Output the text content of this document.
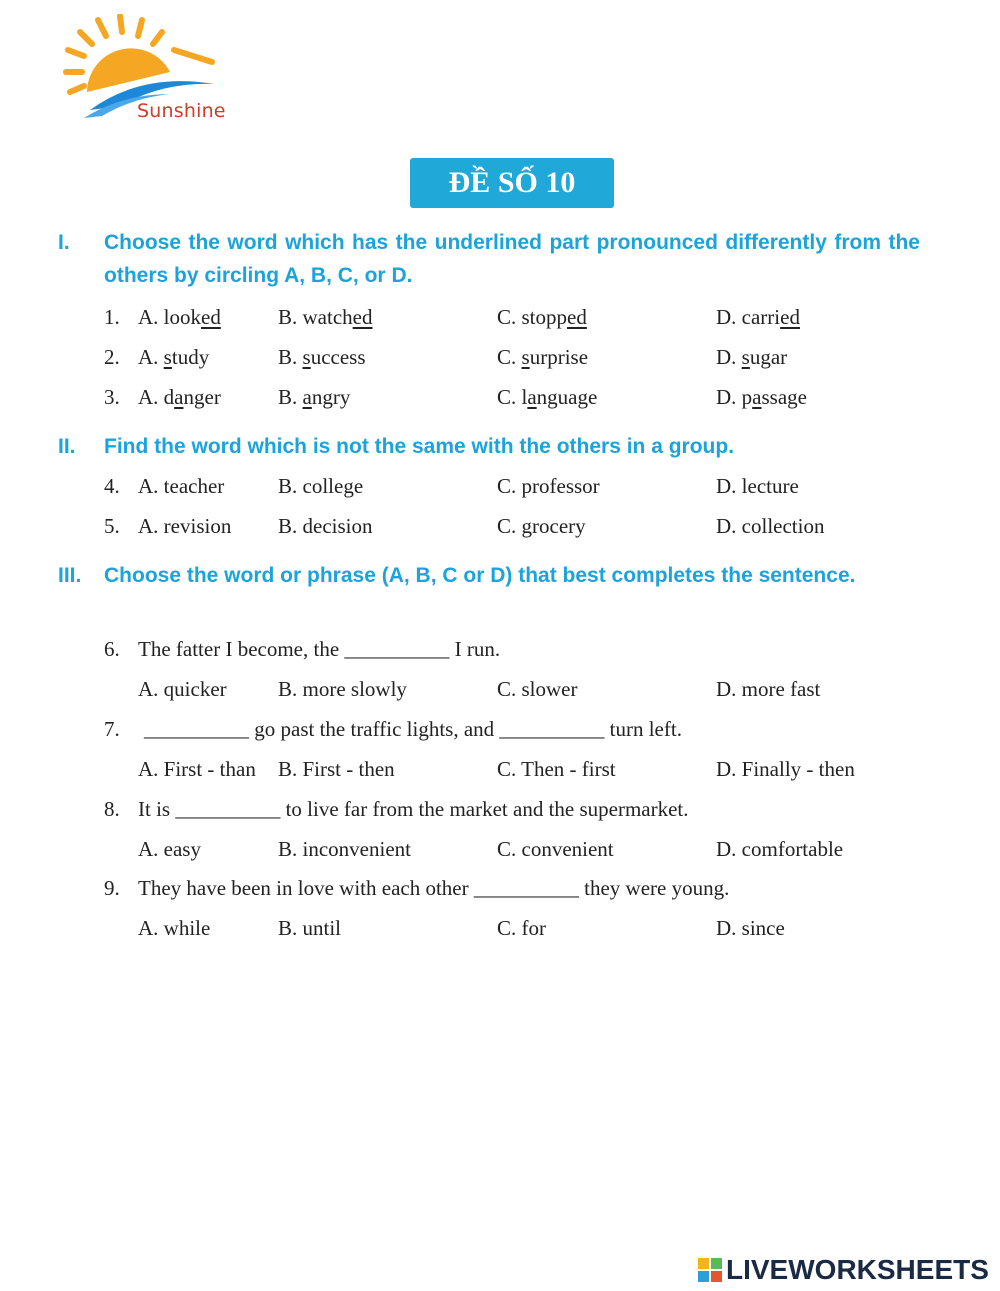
Sunshine
ĐỀ SỐ 10
I. Choose the word which has the underlined part pronounced differently from the others by circling A, B, C, or D.
1. A. looked	B. watched	C. stopped	D. carried
2. A. study	B. success	C. surprise	D. sugar
3. A. danger	B. angry	C. language	D. passage
II. Find the word which is not the same with the others in a group.
4. A. teacher	B. college	C. professor	D. lecture
5. A. revision B. decision	C. grocery	D. collection
III. Choose the word or phrase (A, B, C or D) that best completes the sentence.
6. The fatter I become, the __________ I run.
A. quicker B. more slowly	C. slower	D. more fast
7. __________ go past the traffic lights, and __________ turn left.
A. First - than B. First - then	C. Then - first	D. Finally - then
8. It is __________ to live far from the market and the supermarket.
A. easy	B. inconvenient	C. convenient	D. comfortable
9. They have been in love with each other __________ they were young.
A. while	B. until	C. for	D. since
LIVEWORKSHEETS
